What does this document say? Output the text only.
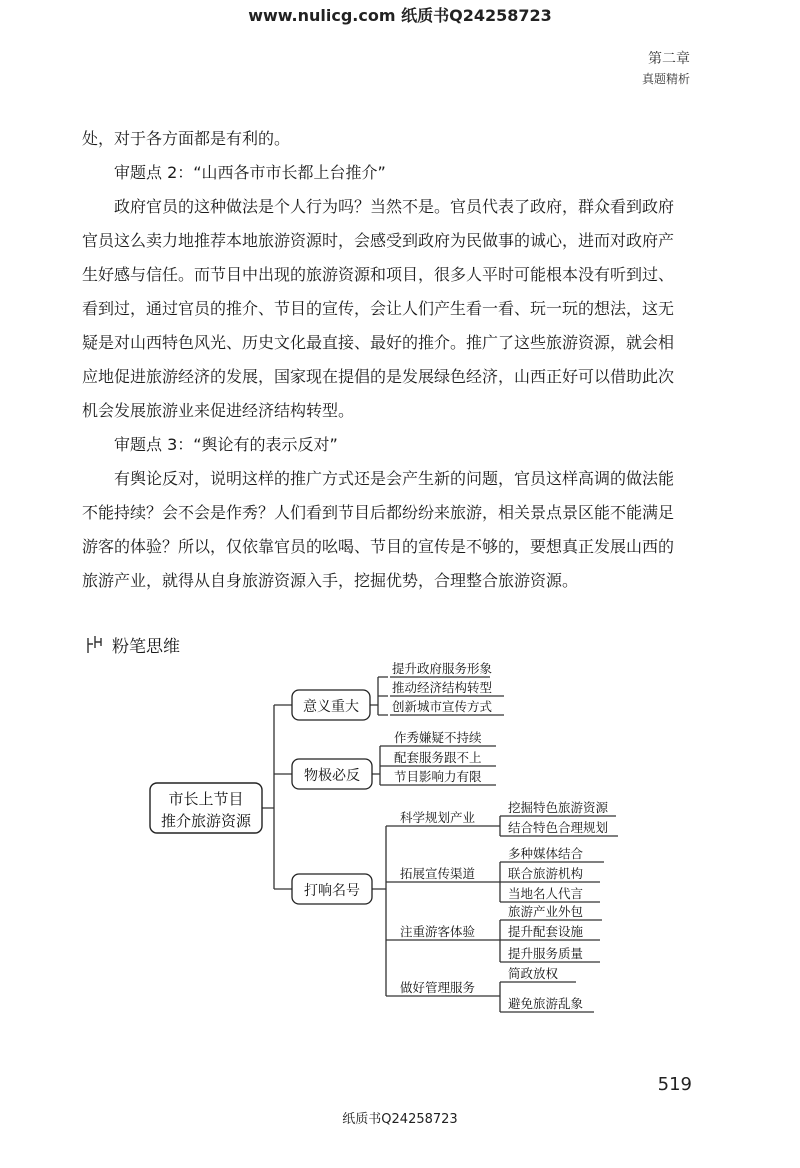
www.nulicg.com 纸质书Q24258723
第二章
真题精析

处，对于各方面都是有利的。

审题点 2：“山西各市市长都上台推介”

政府官员的这种做法是个人行为吗？当然不是。官员代表了政府，群众看到政府官员这么卖力地推荐本地旅游资源时，会感受到政府为民做事的诚心，进而对政府产生好感与信任。而节目中出现的旅游资源和项目，很多人平时可能根本没有听到过、看到过，通过官员的推介、节目的宣传，会让人们产生看一看、玩一玩的想法，这无疑是对山西特色风光、历史文化最直接、最好的推介。推广了这些旅游资源，就会相应地促进旅游经济的发展，国家现在提倡的是发展绿色经济，山西正好可以借助此次机会发展旅游业来促进经济结构转型。

审题点 3：“舆论有的表示反对”

有舆论反对，说明这样的推广方式还是会产生新的问题，官员这样高调的做法能不能持续？会不会是作秀？人们看到节目后都纷纷来旅游，相关景点景区能不能满足游客的体验？所以，仅依靠官员的吆喝、节目的宣传是不够的，要想真正发展山西的旅游产业，就得从自身旅游资源入手，挖掘优势，合理整合旅游资源。

粉笔思维
市长上节目
推介旅游资源
意义重大
物极必反
打响名号
提升政府服务形象
推动经济结构转型
创新城市宣传方式
作秀嫌疑不持续
配套服务跟不上
节目影响力有限
科学规划产业
拓展宣传渠道
注重游客体验
做好管理服务
挖掘特色旅游资源
结合特色合理规划
多种媒体结合
联合旅游机构
当地名人代言
旅游产业外包
提升配套设施
提升服务质量
简政放权
避免旅游乱象
519
纸质书Q24258723
